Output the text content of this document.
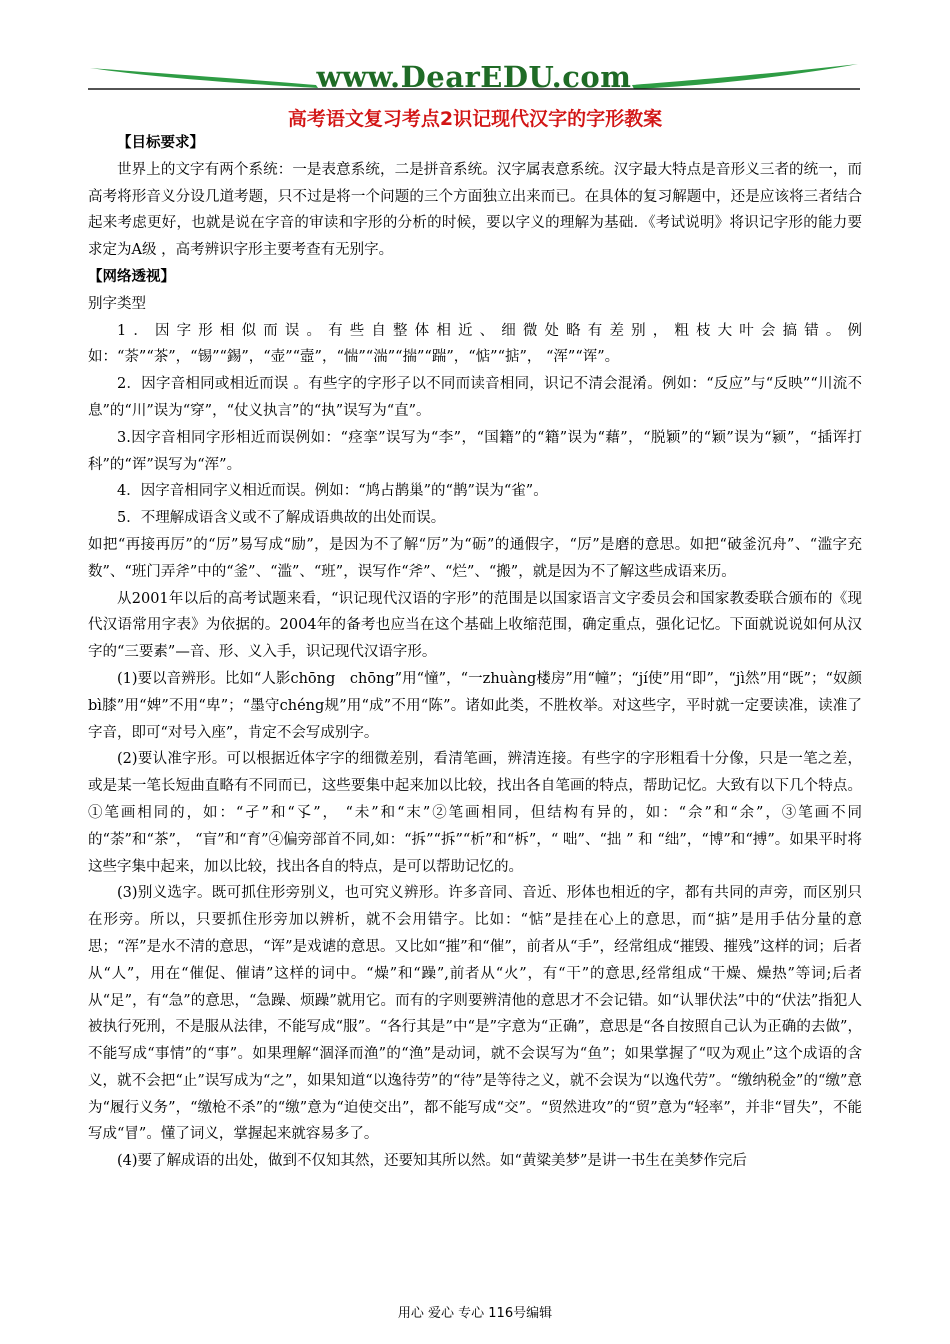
www.DearEDU.com
高考语文复习考点2识记现代汉字的字形教案

【目标要求】

世界上的文字有两个系统：一是表意系统，二是拼音系统。汉字属表意系统。汉字最大特点是音形义三者的统一，而高考将形音义分设几道考题，只不过是将一个问题的三个方面独立出来而已。在具体的复习解题中，还是应该将三者结合起来考虑更好，也就是说在字音的审读和字形的分析的时候，要以字义的理解为基础．《考试说明》将识记字形的能力要求定为A级 ，高考辨识字形主要考查有无别字。

【网络透视】

别字类型

1．因字形相似而误。有些自整体相近、细微处略有差别，粗枝大叶会搞错。例如：“荼”“茶”，“锡”“錫”，“壶”“壼”，“惴”“湍”“揣”“踹”，“惦”“掂”， “浑”“诨”。

2．因字音相同或相近而误 。有些字的字形子以不同而读音相同，识记不清会混淆。例如：“反应”与“反映”“川流不息”的“川”误为“穿”，“仗义执言”的“执”误写为“直”。

3.因字音相同字形相近而误例如：“痉挛”误写为“李”，“国籍”的“籍”误为“藉”，“脱颖”的“颖”误为“颍”，“插诨打科”的“诨”误写为“浑”。

4．因字音相同字义相近而误。例如：“鸠占鹊巢”的“鹊”误为“雀”。

5．不理解成语含义或不了解成语典故的出处而误。

如把“再接再厉”的“厉”易写成“励”，是因为不了解“厉”为“砺”的通假字，“厉”是磨的意思。如把“破釜沉舟”、“滥字充数”、“班门弄斧”中的“釜”、“滥”、“班”，误写作“斧”、“烂”、“搬”，就是因为不了解这些成语来历。

从2001年以后的高考试题来看，“识记现代汉语的字形”的范围是以国家语言文字委员会和国家教委联合颁布的《现代汉语常用字表》为依据的。2004年的备考也应当在这个基础上收缩范围，确定重点，强化记忆。下面就说说如何从汉字的“三要素”—音、形、义入手，识记现代汉语字形。

(1)要以音辨形。比如“人影chōng　chōng”用“憧”，“一zhuàng楼房”用“幢”；“jí使”用“即”，“jì然”用“既”；“奴颜bì膝”用“婢”不用“卑”；“墨守chéng规”用“成”不用“陈”。诸如此类，不胜枚举。对这些字，平时就一定要读准，读准了字音，即可“对号入座”，肯定不会写成别字。

(2)要认准字形。可以根据近体字字的细微差别，看清笔画，辨清连接。有些字的字形粗看十分像，只是一笔之差，或是某一笔长短曲直略有不同而已，这些要集中起来加以比较，找出各自笔画的特点，帮助记忆。大致有以下几个特点。①笔画相同的，如：“孑”和“孓”， “未”和“末”②笔画相同，但结构有异的，如：“佘”和“余”，③笔画不同的“荼”和“茶”， “盲”和“育”④偏旁部首不同,如：“拆”“拆”“析”和“柝”，“ 咄”、“拙 ” 和 “绌”，“博”和“搏”。如果平时将这些字集中起来，加以比较，找出各自的特点，是可以帮助记忆的。

(3)别义选字。既可抓住形旁别义，也可究义辨形。许多音同、音近、形体也相近的字，都有共同的声旁，而区别只在形旁。所以，只要抓住形旁加以辨析，就不会用错字。比如：“惦”是挂在心上的意思，而“掂”是用手估分量的意思；“浑”是水不清的意思，“诨”是戏谑的意思。又比如“摧”和“催”，前者从“手”，经常组成“摧毁、摧残”这样的词；后者从“人”，用在“催促、催请”这样的词中。“燥”和“躁”,前者从“火”，有“干”的意思,经常组成“干燥、燥热”等词;后者从“足”，有“急”的意思，“急躁、烦躁”就用它。而有的字则要辨清他的意思才不会记错。如“认罪伏法”中的“伏法”指犯人被执行死刑，不是服从法律，不能写成“服”。“各行其是”中“是”字意为“正确”，意思是“各自按照自己认为正确的去做”，不能写成“事情”的“事”。如果理解“涸泽而渔”的“渔”是动词，就不会误写为“鱼”；如果掌握了“叹为观止”这个成语的含义，就不会把“止”误写成为“之”，如果知道“以逸待劳”的“待”是等待之义，就不会误为“以逸代劳”。“缴纳税金”的“缴”意为“履行义务”，“缴枪不杀”的“缴”意为“迫使交出”，都不能写成“交”。“贸然进攻”的“贸”意为“轻率”，并非“冒失”，不能写成“冒”。懂了词义，掌握起来就容易多了。

(4)要了解成语的出处，做到不仅知其然，还要知其所以然。如“黄粱美梦”是讲一书生在美梦作完后

用心 爱心 专心 116号编辑
